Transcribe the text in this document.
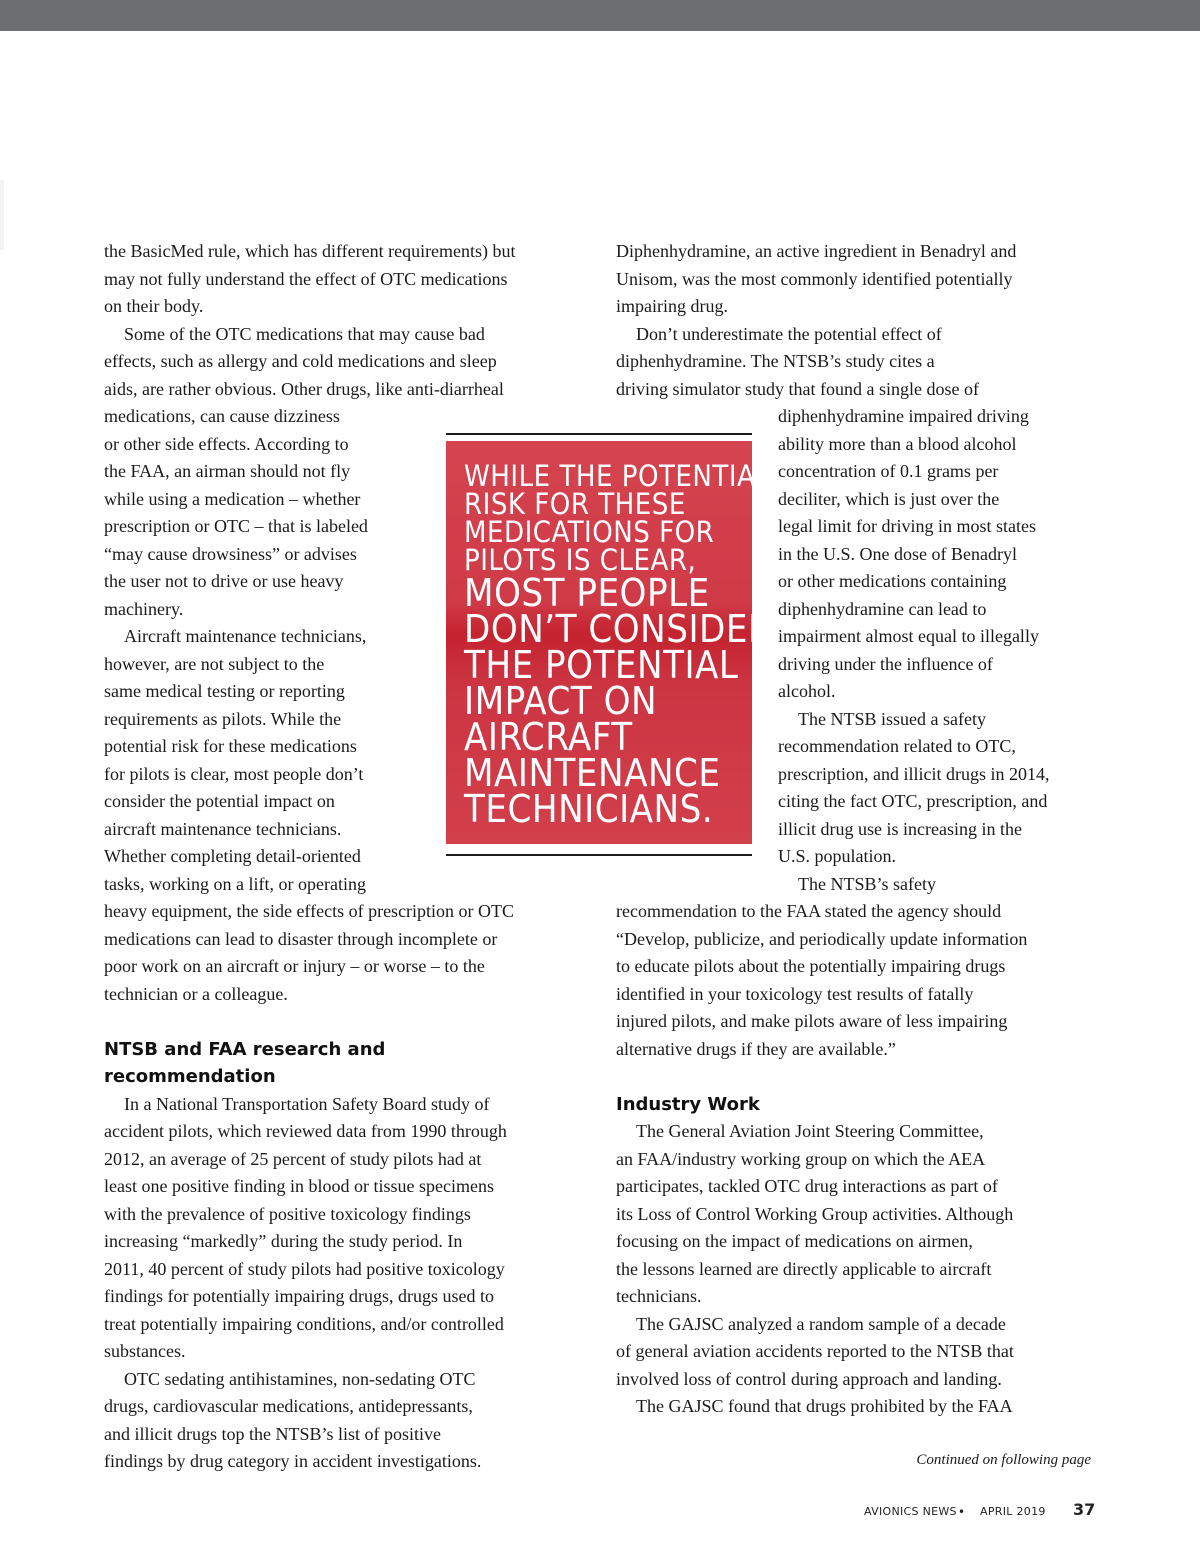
the BasicMed rule, which has different requirements) but
may not fully understand the effect of OTC medications
on their body.
Some of the OTC medications that may cause bad
effects, such as allergy and cold medications and sleep
aids, are rather obvious. Other drugs, like anti-diarrheal
medications, can cause dizziness
or other side effects. According to
the FAA, an airman should not fly
while using a medication – whether
prescription or OTC – that is labeled
“may cause drowsiness” or advises
the user not to drive or use heavy
machinery.
Aircraft maintenance technicians,
however, are not subject to the
same medical testing or reporting
requirements as pilots. While the
potential risk for these medications
for pilots is clear, most people don’t
consider the potential impact on
aircraft maintenance technicians.
Whether completing detail-oriented
tasks, working on a lift, or operating
heavy equipment, the side effects of prescription or OTC
medications can lead to disaster through incomplete or
poor work on an aircraft or injury – or worse – to the
technician or a colleague.
NTSB and FAA research and
recommendation
In a National Transportation Safety Board study of
accident pilots, which reviewed data from 1990 through
2012, an average of 25 percent of study pilots had at
least one positive finding in blood or tissue specimens
with the prevalence of positive toxicology findings
increasing “markedly” during the study period. In
2011, 40 percent of study pilots had positive toxicology
findings for potentially impairing drugs, drugs used to
treat potentially impairing conditions, and/or controlled
substances.
OTC sedating antihistamines, non-sedating OTC
drugs, cardiovascular medications, antidepressants,
and illicit drugs top the NTSB’s list of positive
findings by drug category in accident investigations.
Diphenhydramine, an active ingredient in Benadryl and
Unisom, was the most commonly identified potentially
impairing drug.
Don’t underestimate the potential effect of
diphenhydramine. The NTSB’s study cites a
driving simulator study that found a single dose of
diphenhydramine impaired driving
ability more than a blood alcohol
concentration of 0.1 grams per
deciliter, which is just over the
legal limit for driving in most states
in the U.S. One dose of Benadryl
or other medications containing
diphenhydramine can lead to
impairment almost equal to illegally
driving under the influence of
alcohol.
The NTSB issued a safety
recommendation related to OTC,
prescription, and illicit drugs in 2014,
citing the fact OTC, prescription, and
illicit drug use is increasing in the
U.S. population.
The NTSB’s safety
recommendation to the FAA stated the agency should
“Develop, publicize, and periodically update information
to educate pilots about the potentially impairing drugs
identified in your toxicology test results of fatally
injured pilots, and make pilots aware of less impairing
alternative drugs if they are available.”
Industry Work
The General Aviation Joint Steering Committee,
an FAA/industry working group on which the AEA
participates, tackled OTC drug interactions as part of
its Loss of Control Working Group activities. Although
focusing on the impact of medications on airmen,
the lessons learned are directly applicable to aircraft
technicians.
The GAJSC analyzed a random sample of a decade
of general aviation accidents reported to the NTSB that
involved loss of control during approach and landing.
The GAJSC found that drugs prohibited by the FAA
WHILE THE POTENTIAL
RISK FOR THESE
MEDICATIONS FOR
PILOTS IS CLEAR,
MOST PEOPLE
DON’T CONSIDER
THE POTENTIAL
IMPACT ON
AIRCRAFT
MAINTENANCE
TECHNICIANS.
Continued on following page
AVIONICS NEWS • APRIL 2019 37
